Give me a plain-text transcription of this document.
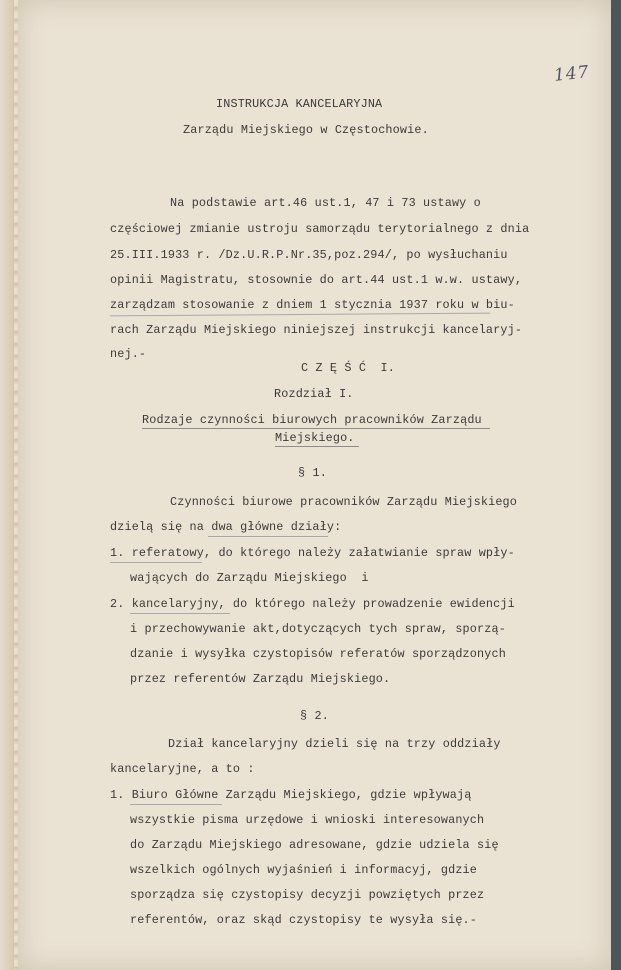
147
INSTRUKCJA KANCELARYJNA
Zarządu Miejskiego w Częstochowie.
Na podstawie art.46 ust.1, 47 i 73 ustawy o
częściowej zmianie ustroju samorządu terytorialnego z dnia
25.III.1933 r. /Dz.U.R.P.Nr.35,poz.294/, po wysłuchaniu
opinii Magistratu, stosownie do art.44 ust.1 w.w. ustawy,
zarządzam stosowanie z dniem 1 stycznia 1937 roku w biu-
rach Zarządu Miejskiego niniejszej instrukcji kancelaryj-
nej.-
C Z Ę Ś Ć  I.
Rozdział I.
Rodzaje czynności biurowych pracowników Zarządu
Miejskiego.
§ 1.
Czynności biurowe pracowników Zarządu Miejskiego
dzielą się na dwa główne działy:
1. referatowy, do którego należy załatwianie spraw wpły-
wających do Zarządu Miejskiego  i
2. kancelaryjny, do którego należy prowadzenie ewidencji
i przechowywanie akt,dotyczących tych spraw, sporzą-
dzanie i wysyłka czystopisów referatów sporządzonych
przez referentów Zarządu Miejskiego.
§ 2.
Dział kancelaryjny dzieli się na trzy oddziały
kancelaryjne, a to :
1. Biuro Główne Zarządu Miejskiego, gdzie wpływają
wszystkie pisma urzędowe i wnioski interesowanych
do Zarządu Miejskiego adresowane, gdzie udziela się
wszelkich ogólnych wyjaśnień i informacyj, gdzie
sporządza się czystopisy decyzji powziętych przez
referentów, oraz skąd czystopisy te wysyła się.-
